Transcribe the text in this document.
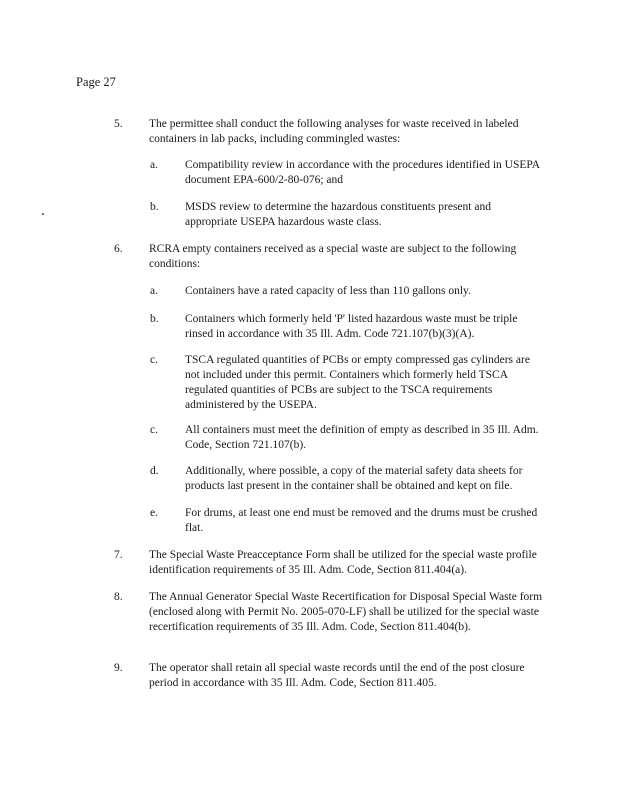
Page 27
5. The permittee shall conduct the following analyses for waste received in labeled containers in lab packs, including commingled wastes:
a. Compatibility review in accordance with the procedures identified in USEPA document EPA-600/2-80-076; and
b. MSDS review to determine the hazardous constituents present and appropriate USEPA hazardous waste class.
6. RCRA empty containers received as a special waste are subject to the following conditions:
a. Containers have a rated capacity of less than 110 gallons only.
b. Containers which formerly held 'P' listed hazardous waste must be triple rinsed in accordance with 35 Ill. Adm. Code 721.107(b)(3)(A).
c. TSCA regulated quantities of PCBs or empty compressed gas cylinders are not included under this permit. Containers which formerly held TSCA regulated quantities of PCBs are subject to the TSCA requirements administered by the USEPA.
c. All containers must meet the definition of empty as described in 35 Ill. Adm. Code, Section 721.107(b).
d. Additionally, where possible, a copy of the material safety data sheets for products last present in the container shall be obtained and kept on file.
e. For drums, at least one end must be removed and the drums must be crushed flat.
7. The Special Waste Preacceptance Form shall be utilized for the special waste profile identification requirements of 35 Ill. Adm. Code, Section 811.404(a).
8. The Annual Generator Special Waste Recertification for Disposal Special Waste form (enclosed along with Permit No. 2005-070-LF) shall be utilized for the special waste recertification requirements of 35 Ill. Adm. Code, Section 811.404(b).
9. The operator shall retain all special waste records until the end of the post closure period in accordance with 35 Ill. Adm. Code, Section 811.405.
